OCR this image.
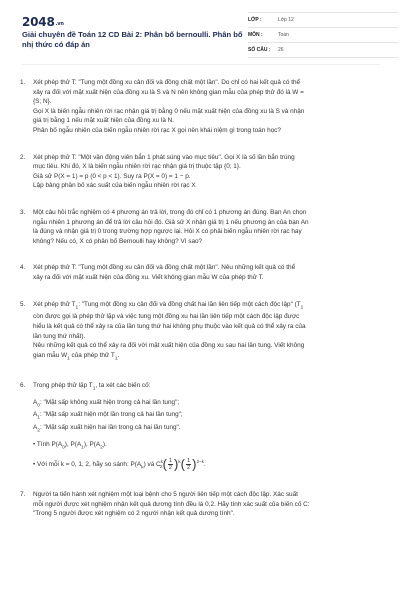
$2048^{.vn}$
Giải chuyên đề Toán 12 CD Bài 2: Phân bố bernoulli. Phân bố nhị thức có đáp án
LỚP :	Lớp 12
MÔN :	Toán
SỐ CÂU : 26
1. Xét phép thử T: "Tung một đồng xu cân đối và đồng chất một lần". Do chỉ có hai kết quả có thể
xảy ra đối với mặt xuất hiện của đồng xu là S và N nên không gian mẫu của phép thử đó là W =
{S; N}.
Gọi X là biến ngẫu nhiên rời rạc nhận giá trị bằng 0 nếu mặt xuất hiện của đồng xu là S và nhận
giá trị bằng 1 nếu mặt xuất hiện của đồng xu là N.
Phân bố ngẫu nhiên của biến ngẫu nhiên rời rạc X gọi nên khái niệm gì trong toán học?
2. Xét phép thử T: "Một vận động viên bắn 1 phát súng vào mục tiêu". Gọi X là số lần bắn trúng
mục tiêu. Khi đó, X là biến ngẫu nhiên rời rạc nhận giá trị thuộc tập {0; 1}.
Giả sử P(X = 1) = p (0 < p < 1). Suy ra P(X = 0) = 1 − p.
Lập bảng phân bố xác suất của biến ngẫu nhiên rời rạc X
3. Một câu hỏi trắc nghiệm có 4 phương án trả lời, trong đó chỉ có 1 phương án đúng. Bạn An chọn
ngẫu nhiên 1 phương án để trả lời câu hỏi đó. Giả sử X nhận giá trị 1 nếu phương án của bạn An
là đúng và nhận giá trị 0 trong trường hợp ngược lại. Hỏi X có phải biến ngẫu nhiên rời rạc hay
không? Nếu có, X có phân bố Bernoulli hay không? Vì sao?
4. Xét phép thử T: "Tung một đồng xu cân đối và đồng chất một lần". Nêu những kết quả có thể
xảy ra đối với mặt xuất hiện của đồng xu. Viết không gian mẫu W của phép thử T.
5. Xét phép thử $T_1$: "Tung một đồng xu cân đối và đồng chất hai lần liên tiếp một cách độc lập" ($T_1$
còn được gọi là phép thử lặp và việc tung một đồng xu hai lần liên tiếp một cách độc lập được
hiểu là kết quả có thể xảy ra của lần tung thứ hai không phụ thuộc vào kết quả có thể xảy ra của
lần tung thứ nhất).
Nêu những kết quả có thể xảy ra đối với mặt xuất hiện của đồng xu sau hai lần tung. Viết không
gian mẫu $W_1$ của phép thử $T_1$.
6. Trong phép thử lặp $T_1$, ta xét các biến cố:
$A_0$: "Mặt sấp không xuất hiện trong cả hai lần tung";
$A_1$: "Mặt sấp xuất hiện một lần trong cả hai lần tung";
$A_2$: "Mặt sấp xuất hiện hai lần trong cả hai lần tung".
• Tính $P(A_0)$, $P(A_1)$, $P(A_2)$.
• Với mỗi k = 0, 1, 2, hãy so sánh: $P(A_k)$ và $C^k_2( \frac{1}{2})^k( \frac{1}{2})^{2-k}$.
7. Người ta tiến hành xét nghiệm một loại bệnh cho 5 người liên tiếp một cách độc lập. Xác suất
mỗi người được xét nghiệm nhận kết quả dương tính đều là 0,2. Hãy tính xác suất của biến cố C:
"Trong 5 người được xét nghiệm có 2 người nhận kết quả dương tính".
